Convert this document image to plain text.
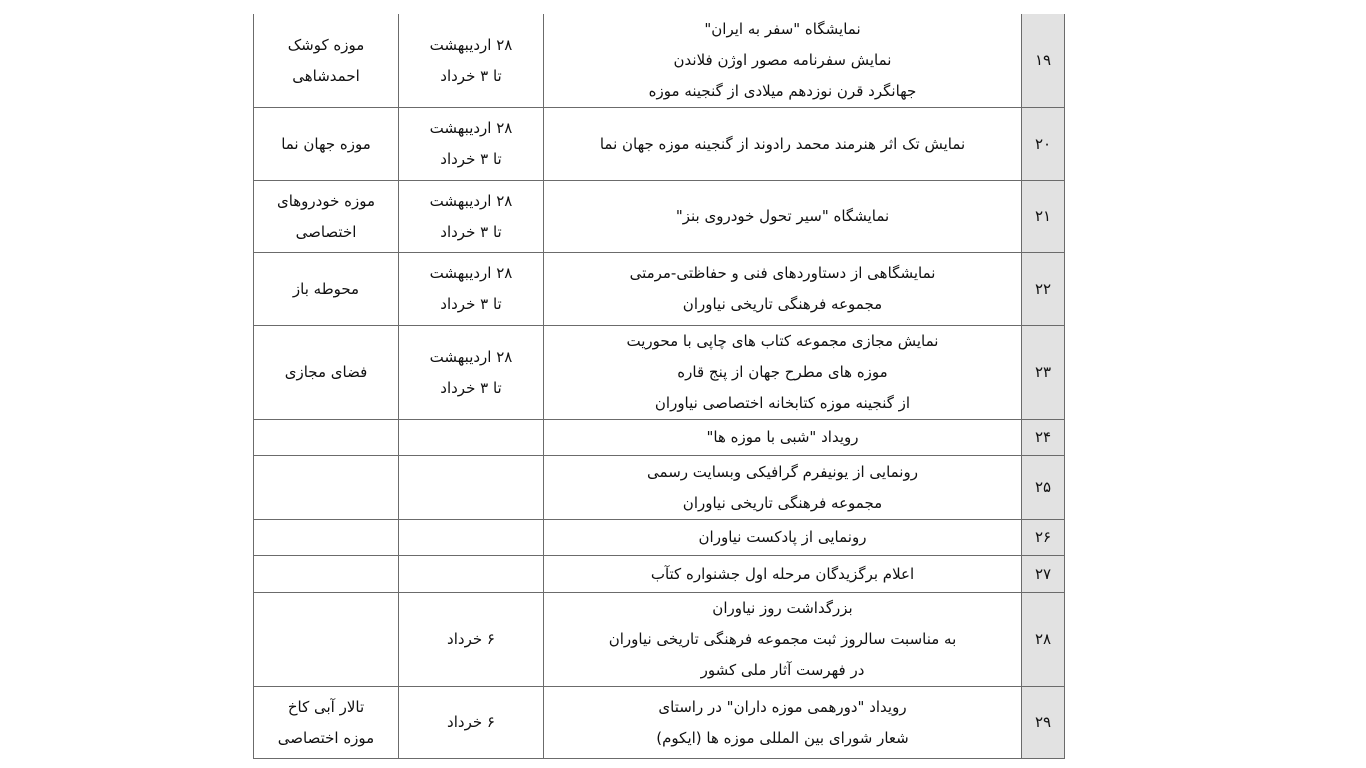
۱۹	نمایشگاه "سفر به ایران"
نمایش سفرنامه مصور اوژن فلاندن
جهانگرد قرن نوزدهم میلادی از گنجینه موزه	۲۸ اردیبهشت
تا ۳ خرداد	موزه کوشک
احمدشاهی

۲۰	نمایش تک اثر هنرمند محمد رادوند از گنجینه موزه جهان نما	۲۸ اردیبهشت
تا ۳ خرداد	موزه جهان نما

۲۱	نمایشگاه "سیر تحول خودروی بنز"	۲۸ اردیبهشت
تا ۳ خرداد	موزه خودروهای
اختصاصی

۲۲	نمایشگاهی از دستاوردهای فنی و حفاظتی-مرمتی
مجموعه فرهنگی تاریخی نیاوران	۲۸ اردیبهشت
تا ۳ خرداد	محوطه باز

۲۳	نمایش مجازی مجموعه کتاب های چاپی با محوریت
موزه های مطرح جهان از پنج قاره
از گنجینه موزه کتابخانه اختصاصی نیاوران	۲۸ اردیبهشت
تا ۳ خرداد	فضای مجازی

۲۴	رویداد "شبی با موزه ها"		

۲۵	رونمایی از یونیفرم گرافیکی وبسایت رسمی
مجموعه فرهنگی تاریخی نیاوران		

۲۶	رونمایی از پادکست نیاوران		

۲۷	اعلام برگزیدگان مرحله اول جشنواره کتآب		

۲۸	بزرگداشت روز نیاوران
به مناسبت سالروز ثبت مجموعه فرهنگی تاریخی نیاوران
در فهرست آثار ملی کشور	۶ خرداد	

۲۹	رویداد "دورهمی موزه داران" در راستای
شعار شورای بین المللی موزه ها (ایکوم)	۶ خرداد	تالار آبی کاخ
موزه اختصاصی
